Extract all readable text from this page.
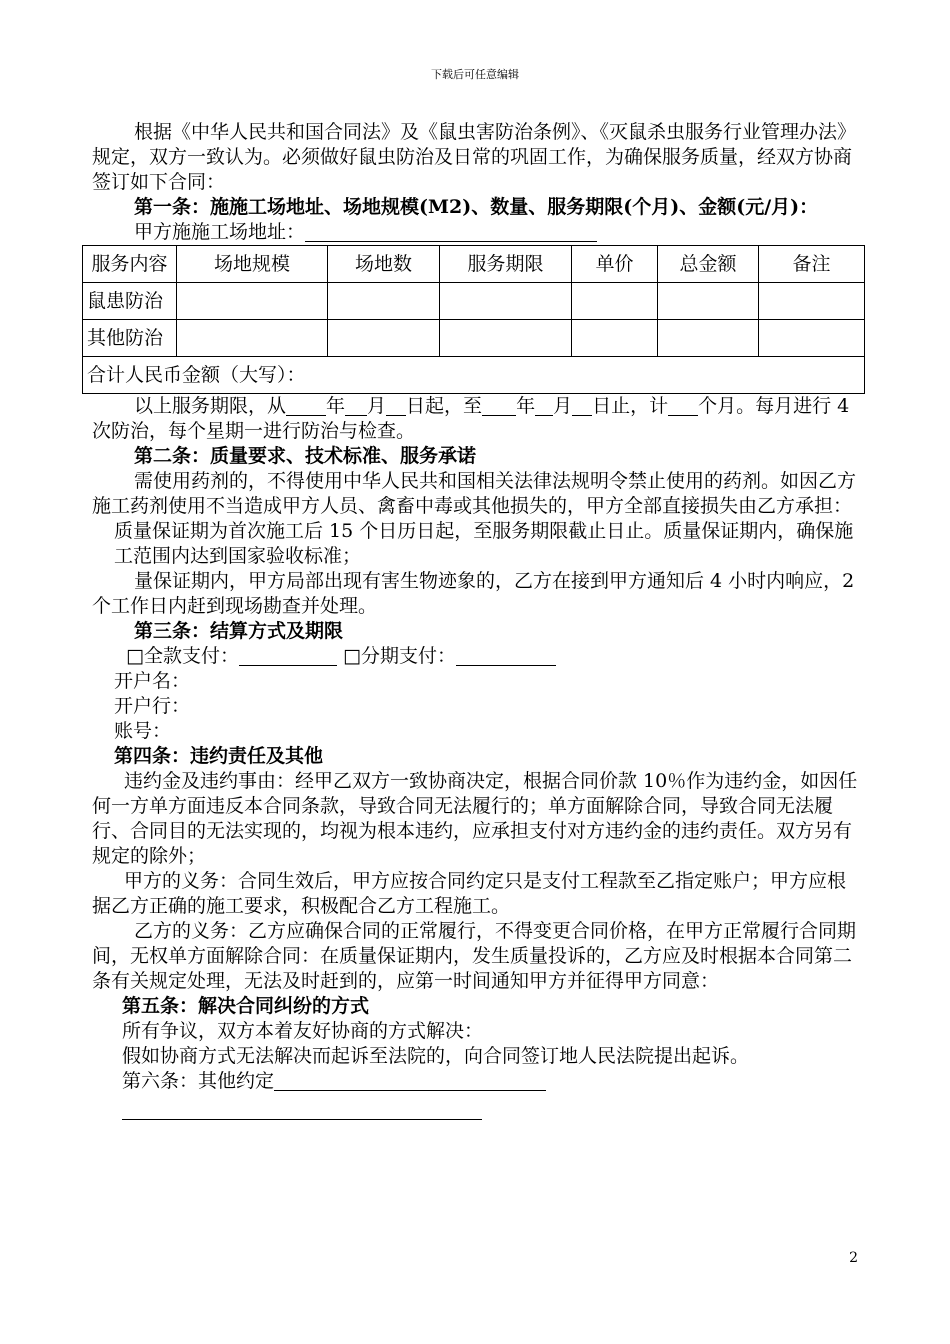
下载后可任意编辑

根据《中华人民共和国合同法》及《鼠虫害防治条例》、《灭鼠杀虫服务行业管理办法》规定，双方一致认为。必须做好鼠虫防治及日常的巩固工作，为确保服务质量，经双方协商签订如下合同：

第一条：施施工场地址、场地规模(M2)、数量、服务期限(个月)、金额(元/月)：

甲方施施工场地址：

服务内容	场地规模	场地数	服务期限	单价	总金额	备注
鼠患防治						
其他防治						
合计人民币金额（大写）：						

以上服务期限，从 年 月 日起，至 年 月 日止，计 个月。每月进行 4 次防治，每个星期一进行防治与检查。

第二条：质量要求、技术标准、服务承诺

需使用药剂的，不得使用中华人民共和国相关法律法规明令禁止使用的药剂。如因乙方施工药剂使用不当造成甲方人员、禽畜中毒或其他损失的，甲方全部直接损失由乙方承担：

质量保证期为首次施工后 15 个日历日起，至服务期限截止日止。质量保证期内，确保施工范围内达到国家验收标准；

量保证期内，甲方局部出现有害生物迹象的，乙方在接到甲方通知后 4 小时内响应，2 个工作日内赶到现场勘查并处理。

第三条：结算方式及期限

□全款支付：	□分期支付：

开户名：

开户行：

账号：

第四条：违约责任及其他

违约金及违约事由：经甲乙双方一致协商决定，根据合同价款 10％作为违约金，如因任何一方单方面违反本合同条款，导致合同无法履行的；单方面解除合同，导致合同无法履行、合同目的无法实现的，均视为根本违约，应承担支付对方违约金的违约责任。双方另有规定的除外；

甲方的义务：合同生效后，甲方应按合同约定只是支付工程款至乙指定账户；甲方应根据乙方正确的施工要求，积极配合乙方工程施工。

乙方的义务：乙方应确保合同的正常履行，不得变更合同价格，在甲方正常履行合同期间，无权单方面解除合同：在质量保证期内，发生质量投诉的，乙方应及时根据本合同第二条有关规定处理，无法及时赶到的，应第一时间通知甲方并征得甲方同意：

第五条：解决合同纠纷的方式

所有争议，双方本着友好协商的方式解决：

假如协商方式无法解决而起诉至法院的，向合同签订地人民法院提出起诉。

第六条：其他约定

2
